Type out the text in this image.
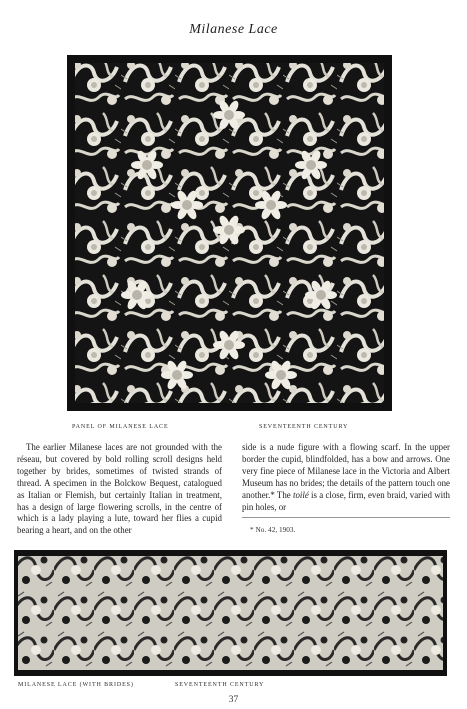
Milanese Lace
PANEL OF MILANESE LACE	SEVENTEENTH CENTURY

The earlier Milanese laces are not grounded with the réseau, but covered by bold rolling scroll designs held together by brides, sometimes of twisted strands of thread. A specimen in the Bolckow Bequest, catalogued as Italian or Flemish, but certainly Italian in treatment, has a design of large flowering scrolls, in the centre of which is a lady playing a lute, toward her flies a cupid bearing a heart, and on the other

side is a nude figure with a flowing scarf. In the upper border the cupid, blindfolded, has a bow and arrows. One very fine piece of Milanese lace in the Victoria and Albert Museum has no brides; the details of the pattern touch one another.* The toilé is a close, firm, even braid, varied with pin holes, or

* No. 42, 1903.
MILANESE LACE (WITH BRIDES)	SEVENTEENTH CENTURY
37
